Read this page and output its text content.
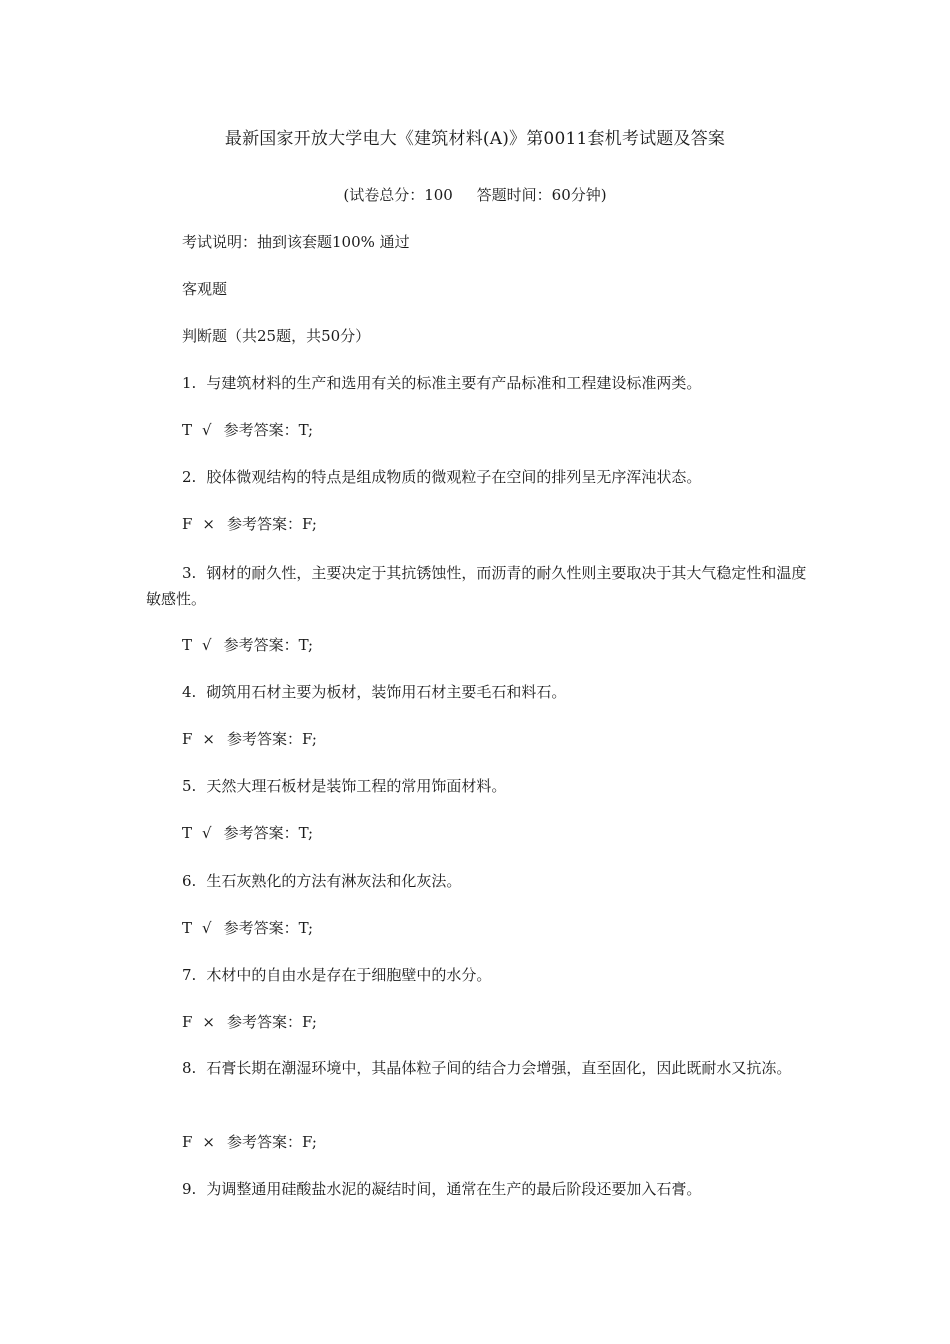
最新国家开放大学电大《建筑材料(A)》第0011套机考试题及答案
(试卷总分：100     答题时间：60分钟)
考试说明：抽到该套题100% 通过
客观题
判断题（共25题，共50分）
1. 与建筑材料的生产和选用有关的标准主要有产品标准和工程建设标准两类。
T √ 参考答案：T;
2. 胶体微观结构的特点是组成物质的微观粒子在空间的排列呈无序浑沌状态。
F × 参考答案：F;
3. 钢材的耐久性，主要决定于其抗锈蚀性，而沥青的耐久性则主要取决于其大气稳定性和温度敏感性。
T √ 参考答案：T;
4. 砌筑用石材主要为板材，装饰用石材主要毛石和料石。
F × 参考答案：F;
5. 天然大理石板材是装饰工程的常用饰面材料。
T √ 参考答案：T;
6. 生石灰熟化的方法有淋灰法和化灰法。
T √ 参考答案：T;
7. 木材中的自由水是存在于细胞壁中的水分。
F × 参考答案：F;
8. 石膏长期在潮湿环境中，其晶体粒子间的结合力会增强，直至固化，因此既耐水又抗冻。
F × 参考答案：F;
9. 为调整通用硅酸盐水泥的凝结时间，通常在生产的最后阶段还要加入石膏。
